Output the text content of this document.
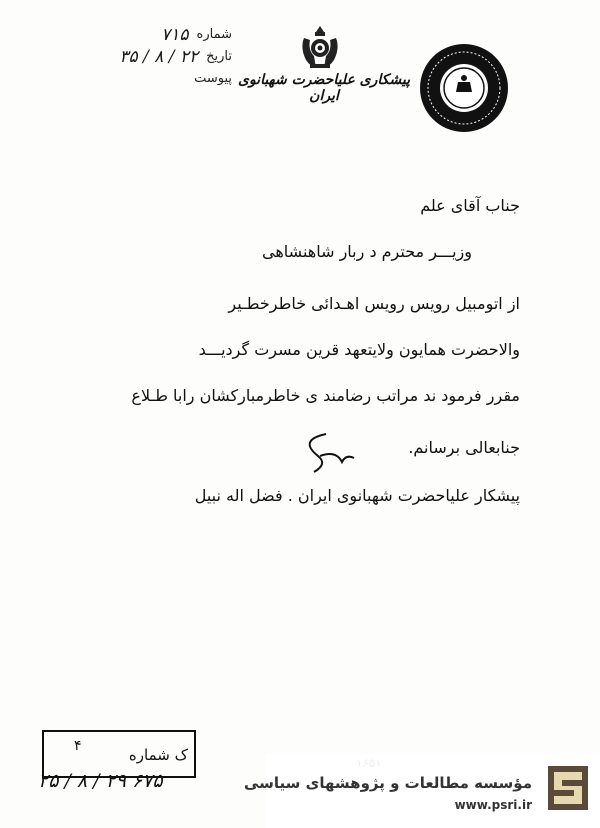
شماره
۷۱۵
تاریخ
۲۲ / ۸ / ۳۵
پیوست پیشکاری علیاحضرت شهبانوی ایران
جناب آقای علم
وزیـــر محترم د ربار شاهنشاهی
از اتومبیل رویس رویس اهـدائی خاطرخطـیر
والاحضرت همایون ولایتعهد قرین مسرت گردیـــد
مقرر فرمود ند مراتب رضامند ی خاطرمبارکشان رابا طـلاع
جنابعالی برسانم.
پیشکار علیاحضرت شهبانوی ایران . فضل اله نبیل
۴	ک شماره
۲۵ / ۸ / ۲۹ ۶۷۵	مؤسسه مطالعات و پژوهشهای سیاسی
www.psri.ir
